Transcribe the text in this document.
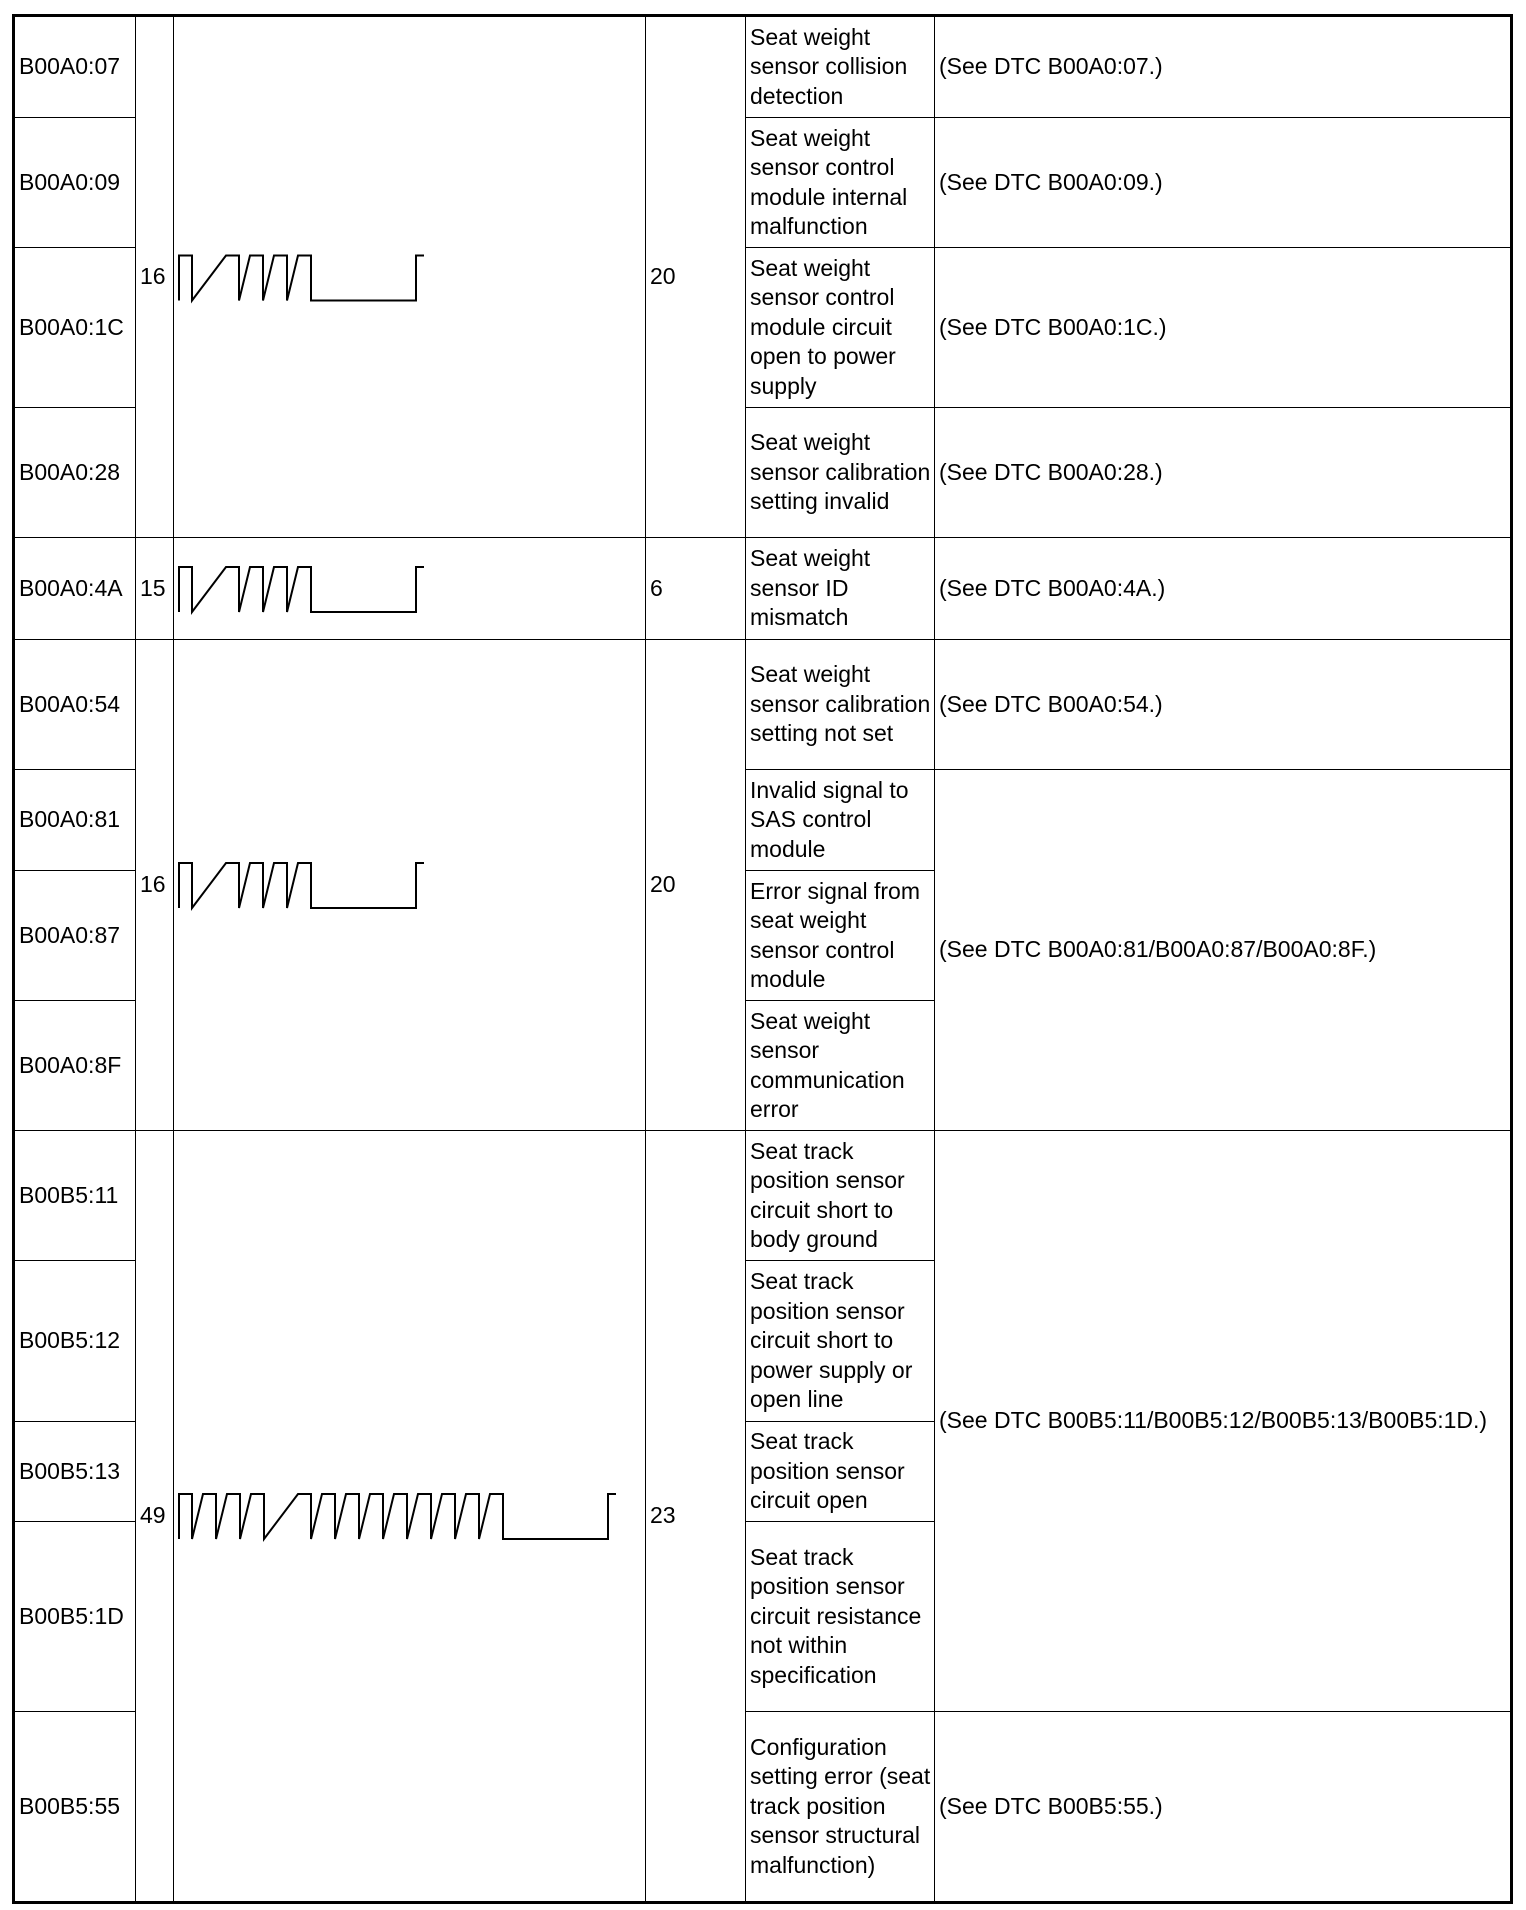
B00A0:07	16		20	Seat weight sensor collision detection	(See DTC B00A0:07.)
B00A0:09				Seat weight sensor control module internal malfunction	(See DTC B00A0:09.)
B00A0:1C				Seat weight sensor control module circuit open to power supply	(See DTC B00A0:1C.)
B00A0:28				Seat weight sensor calibration setting invalid	(See DTC B00A0:28.)
B00A0:4A	15		6	Seat weight sensor ID mismatch	(See DTC B00A0:4A.)
B00A0:54	16		20	Seat weight sensor calibration setting not set	(See DTC B00A0:54.)
B00A0:81				Invalid signal to SAS control module	(See DTC B00A0:81/B00A0:87/B00A0:8F.)
B00A0:87				Error signal from seat weight sensor control module	
B00A0:8F				Seat weight sensor communication error	
B00B5:11	49		23	Seat track position sensor circuit short to body ground	(See DTC B00B5:11/B00B5:12/B00B5:13/B00B5:1D.)
B00B5:12				Seat track position sensor circuit short to power supply or open line	
B00B5:13				Seat track position sensor circuit open	
B00B5:1D				Seat track position sensor circuit resistance not within specification	
B00B5:55				Configuration setting error (seat track position sensor structural malfunction)	(See DTC B00B5:55.)
